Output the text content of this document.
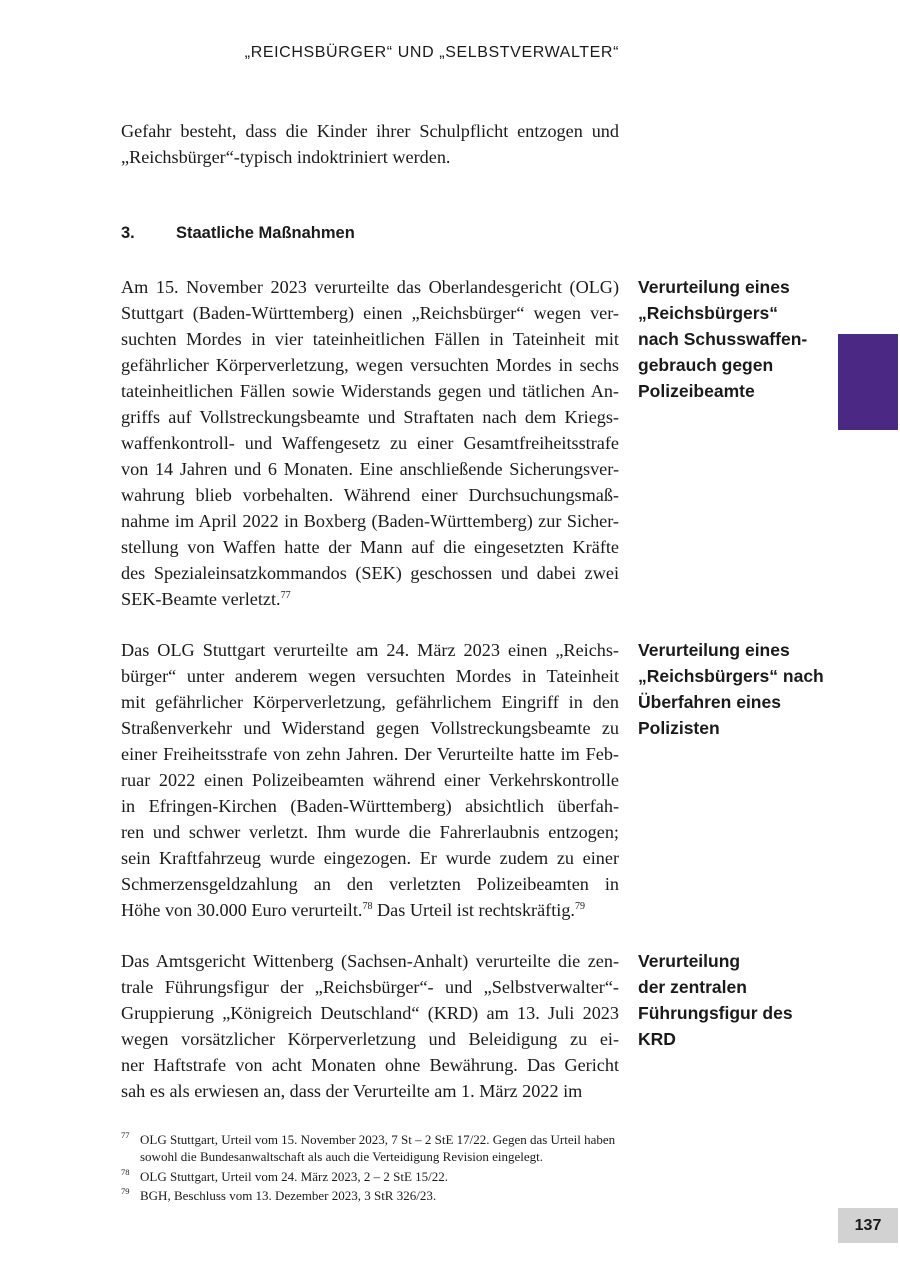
„REICHSBÜRGER“ UND „SELBSTVERWALTER“
Gefahr besteht, dass die Kinder ihrer Schulpflicht entzogen und
„Reichsbürger“-typisch indoktriniert werden.
3. Staatliche Maßnahmen
Am 15. November 2023 verurteilte das Oberlandesgericht (OLG)
Stuttgart (Baden-Württemberg) einen „Reichsbürger“ wegen ver-
suchten Mordes in vier tateinheitlichen Fällen in Tateinheit mit
gefährlicher Körperverletzung, wegen versuchten Mordes in sechs
tateinheitlichen Fällen sowie Widerstands gegen und tätlichen An-
griffs auf Vollstreckungsbeamte und Straftaten nach dem Kriegs-
waffenkontroll- und Waffengesetz zu einer Gesamtfreiheitsstrafe
von 14 Jahren und 6 Monaten. Eine anschließende Sicherungsver-
wahrung blieb vorbehalten. Während einer Durchsuchungsmaß-
nahme im April 2022 in Boxberg (Baden-Württemberg) zur Sicher-
stellung von Waffen hatte der Mann auf die eingesetzten Kräfte
des Spezialeinsatzkommandos (SEK) geschossen und dabei zwei
SEK-Beamte verletzt.$^{77}$
Verurteilung eines
„Reichsbürgers“
nach Schusswaffen-
gebrauch gegen
Polizeibeamte
Das OLG Stuttgart verurteilte am 24. März 2023 einen „Reichs-
bürger“ unter anderem wegen versuchten Mordes in Tateinheit
mit gefährlicher Körperverletzung, gefährlichem Eingriff in den
Straßenverkehr und Widerstand gegen Vollstreckungsbeamte zu
einer Freiheitsstrafe von zehn Jahren. Der Verurteilte hatte im Feb-
ruar 2022 einen Polizeibeamten während einer Verkehrskontrolle
in Efringen-Kirchen (Baden-Württemberg) absichtlich überfah-
ren und schwer verletzt. Ihm wurde die Fahrerlaubnis entzogen;
sein Kraftfahrzeug wurde eingezogen. Er wurde zudem zu einer
Schmerzensgeldzahlung an den verletzten Polizeibeamten in
Höhe von 30.000 Euro verurteilt.$^{78}$ Das Urteil ist rechtskräftig.$^{79}$
Verurteilung eines
„Reichsbürgers“ nach
Überfahren eines
Polizisten
Das Amtsgericht Wittenberg (Sachsen-Anhalt) verurteilte die zen-
trale Führungsfigur der „Reichsbürger“- und „Selbstverwalter“-
Gruppierung „Königreich Deutschland“ (KRD) am 13. Juli 2023
wegen vorsätzlicher Körperverletzung und Beleidigung zu ei-
ner Haftstrafe von acht Monaten ohne Bewährung. Das Gericht
sah es als erwiesen an, dass der Verurteilte am 1. März 2022 im
Verurteilung
der zentralen
Führungsfigur des
KRD
77 OLG Stuttgart, Urteil vom 15. November 2023, 7 St – 2 StE 17/22. Gegen das Urteil haben sowohl die Bundesanwaltschaft als auch die Verteidigung Revision eingelegt.
78 OLG Stuttgart, Urteil vom 24. März 2023, 2 – 2 StE 15/22.
79 BGH, Beschluss vom 13. Dezember 2023, 3 StR 326/23.
137
